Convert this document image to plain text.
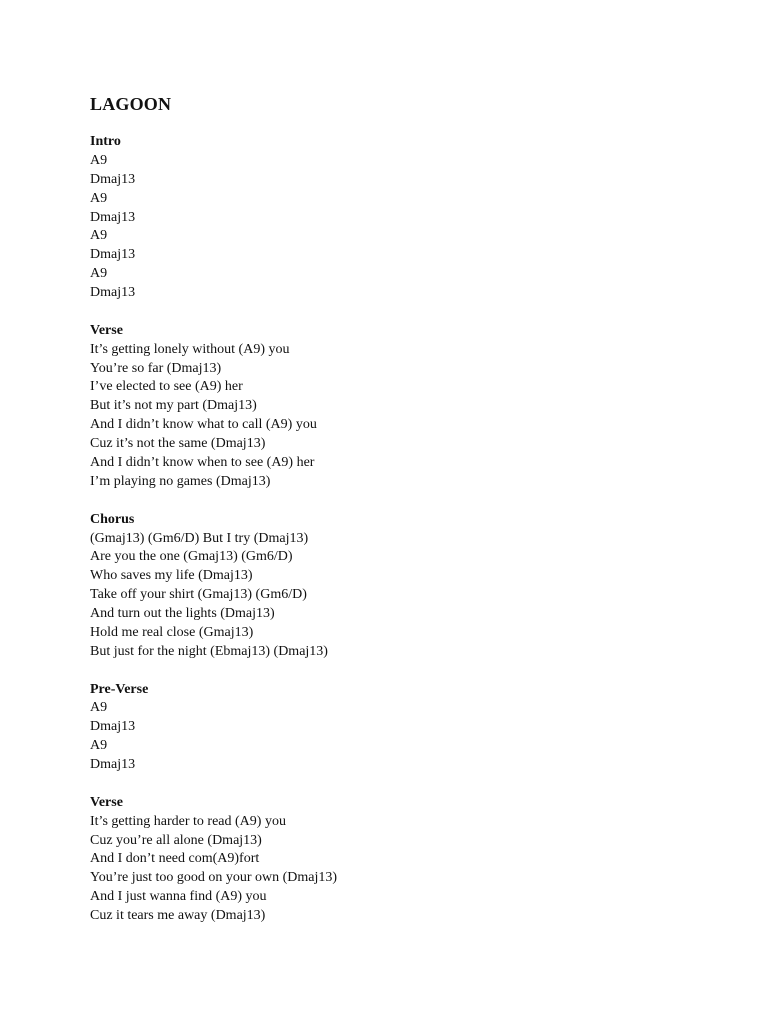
LAGOON
Intro
A9
Dmaj13
A9
Dmaj13
A9
Dmaj13
A9
Dmaj13
Verse
It’s getting lonely without (A9) you
You’re so far (Dmaj13)
I’ve elected to see (A9) her
But it’s not my part (Dmaj13)
And I didn’t know what to call (A9) you
Cuz it’s not the same (Dmaj13)
And I didn’t know when to see (A9) her
I’m playing no games (Dmaj13)
Chorus
(Gmaj13) (Gm6/D) But I try (Dmaj13)
Are you the one (Gmaj13) (Gm6/D)
Who saves my life (Dmaj13)
Take off your shirt (Gmaj13) (Gm6/D)
And turn out the lights (Dmaj13)
Hold me real close (Gmaj13)
But just for the night (Ebmaj13) (Dmaj13)
Pre-Verse
A9
Dmaj13
A9
Dmaj13
Verse
It’s getting harder to read (A9) you
Cuz you’re all alone (Dmaj13)
And I don’t need com(A9)fort
You’re just too good on your own (Dmaj13)
And I just wanna find (A9) you
Cuz it tears me away (Dmaj13)
